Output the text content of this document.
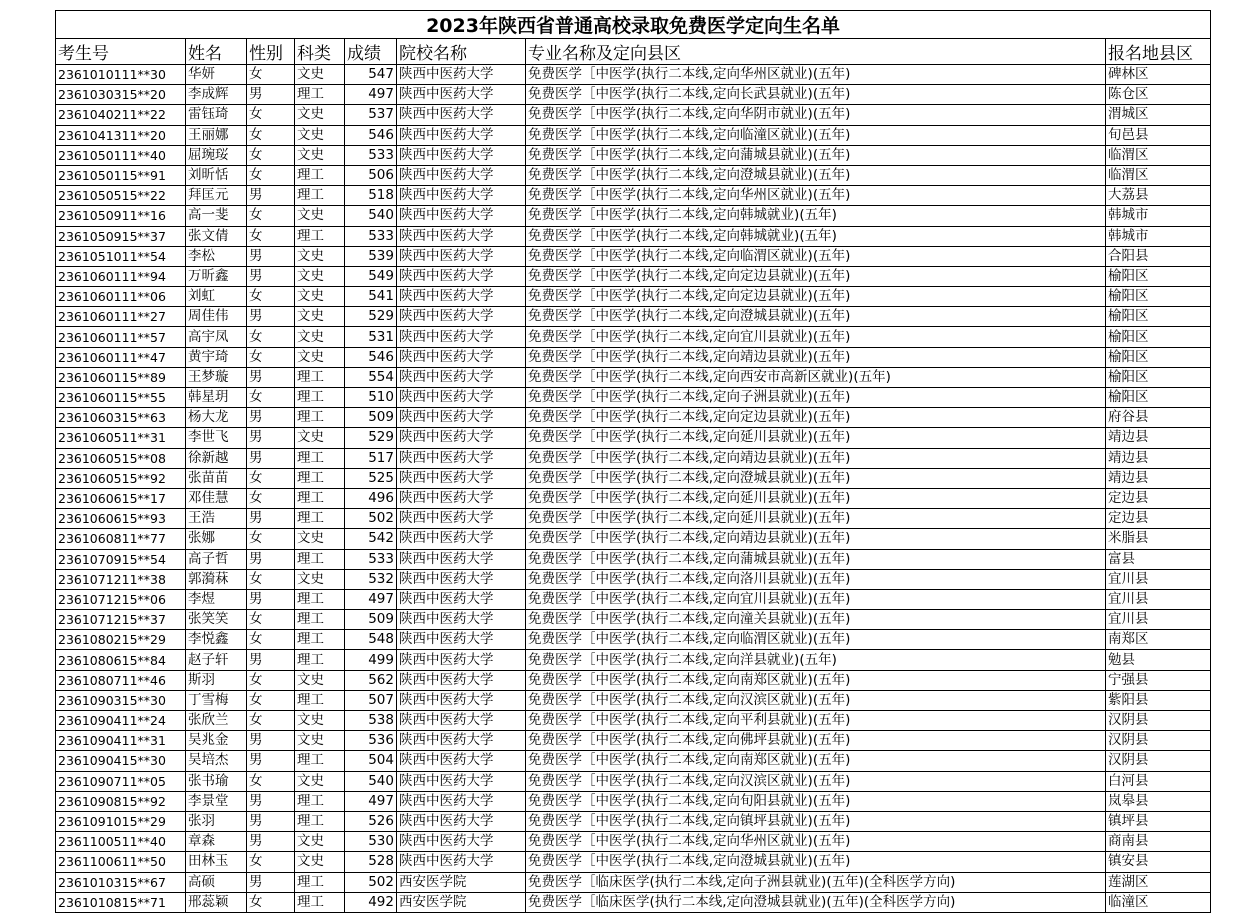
2023年陕西省普通高校录取免费医学定向生名单							
考生号	姓名	性别	科类	成绩	院校名称	专业名称及定向县区	报名地县区
2361010111**30	华妍	女	文史	547	陕西中医药大学	免费医学［中医学(执行二本线,定向华州区就业)(五年)	碑林区
2361030315**20	李成辉	男	理工	497	陕西中医药大学	免费医学［中医学(执行二本线,定向长武县就业)(五年)	陈仓区
2361040211**22	雷钰琦	女	文史	537	陕西中医药大学	免费医学［中医学(执行二本线,定向华阴市就业)(五年)	渭城区
2361041311**20	王丽娜	女	文史	546	陕西中医药大学	免费医学［中医学(执行二本线,定向临潼区就业)(五年)	旬邑县
2361050111**40	屈琬珱	女	文史	533	陕西中医药大学	免费医学［中医学(执行二本线,定向蒲城县就业)(五年)	临渭区
2361050115**91	刘昕恬	女	理工	506	陕西中医药大学	免费医学［中医学(执行二本线,定向澄城县就业)(五年)	临渭区
2361050515**22	拜匡元	男	理工	518	陕西中医药大学	免费医学［中医学(执行二本线,定向华州区就业)(五年)	大荔县
2361050911**16	高一斐	女	文史	540	陕西中医药大学	免费医学［中医学(执行二本线,定向韩城就业)(五年)	韩城市
2361050915**37	张文倩	女	理工	533	陕西中医药大学	免费医学［中医学(执行二本线,定向韩城就业)(五年)	韩城市
2361051011**54	李松	男	文史	539	陕西中医药大学	免费医学［中医学(执行二本线,定向临渭区就业)(五年)	合阳县
2361060111**94	万昕鑫	男	文史	549	陕西中医药大学	免费医学［中医学(执行二本线,定向定边县就业)(五年)	榆阳区
2361060111**06	刘虹	女	文史	541	陕西中医药大学	免费医学［中医学(执行二本线,定向定边县就业)(五年)	榆阳区
2361060111**27	周佳伟	男	文史	529	陕西中医药大学	免费医学［中医学(执行二本线,定向澄城县就业)(五年)	榆阳区
2361060111**57	高宇凤	女	文史	531	陕西中医药大学	免费医学［中医学(执行二本线,定向宜川县就业)(五年)	榆阳区
2361060111**47	黄宇琦	女	文史	546	陕西中医药大学	免费医学［中医学(执行二本线,定向靖边县就业)(五年)	榆阳区
2361060115**89	王梦璇	男	理工	554	陕西中医药大学	免费医学［中医学(执行二本线,定向西安市高新区就业)(五年)	榆阳区
2361060115**55	韩星玥	女	理工	510	陕西中医药大学	免费医学［中医学(执行二本线,定向子洲县就业)(五年)	榆阳区
2361060315**63	杨大龙	男	理工	509	陕西中医药大学	免费医学［中医学(执行二本线,定向定边县就业)(五年)	府谷县
2361060511**31	李世飞	男	文史	529	陕西中医药大学	免费医学［中医学(执行二本线,定向延川县就业)(五年)	靖边县
2361060515**08	徐新越	男	理工	517	陕西中医药大学	免费医学［中医学(执行二本线,定向靖边县就业)(五年)	靖边县
2361060515**92	张苗苗	女	理工	525	陕西中医药大学	免费医学［中医学(执行二本线,定向澄城县就业)(五年)	靖边县
2361060615**17	邓佳慧	女	理工	496	陕西中医药大学	免费医学［中医学(执行二本线,定向延川县就业)(五年)	定边县
2361060615**93	王浩	男	理工	502	陕西中医药大学	免费医学［中医学(执行二本线,定向延川县就业)(五年)	定边县
2361060811**77	张娜	女	文史	542	陕西中医药大学	免费医学［中医学(执行二本线,定向靖边县就业)(五年)	米脂县
2361070915**54	高子哲	男	理工	533	陕西中医药大学	免费医学［中医学(执行二本线,定向蒲城县就业)(五年)	富县
2361071211**38	郭漪菻	女	文史	532	陕西中医药大学	免费医学［中医学(执行二本线,定向洛川县就业)(五年)	宜川县
2361071215**06	李煜	男	理工	497	陕西中医药大学	免费医学［中医学(执行二本线,定向宜川县就业)(五年)	宜川县
2361071215**37	张笑笑	女	理工	509	陕西中医药大学	免费医学［中医学(执行二本线,定向潼关县就业)(五年)	宜川县
2361080215**29	李悦鑫	女	理工	548	陕西中医药大学	免费医学［中医学(执行二本线,定向临渭区就业)(五年)	南郑区
2361080615**84	赵子轩	男	理工	499	陕西中医药大学	免费医学［中医学(执行二本线,定向洋县就业)(五年)	勉县
2361080711**46	斯羽	女	文史	562	陕西中医药大学	免费医学［中医学(执行二本线,定向南郑区就业)(五年)	宁强县
2361090315**30	丁雪梅	女	理工	507	陕西中医药大学	免费医学［中医学(执行二本线,定向汉滨区就业)(五年)	紫阳县
2361090411**24	张欣兰	女	文史	538	陕西中医药大学	免费医学［中医学(执行二本线,定向平利县就业)(五年)	汉阴县
2361090411**31	吴兆金	男	文史	536	陕西中医药大学	免费医学［中医学(执行二本线,定向佛坪县就业)(五年)	汉阴县
2361090415**30	吴培杰	男	理工	504	陕西中医药大学	免费医学［中医学(执行二本线,定向南郑区就业)(五年)	汉阴县
2361090711**05	张书瑜	女	文史	540	陕西中医药大学	免费医学［中医学(执行二本线,定向汉滨区就业)(五年)	白河县
2361090815**92	李景堂	男	理工	497	陕西中医药大学	免费医学［中医学(执行二本线,定向旬阳县就业)(五年)	岚皋县
2361091015**29	张羽	男	理工	526	陕西中医药大学	免费医学［中医学(执行二本线,定向镇坪县就业)(五年)	镇坪县
2361100511**40	章森	男	文史	530	陕西中医药大学	免费医学［中医学(执行二本线,定向华州区就业)(五年)	商南县
2361100611**50	田林玉	女	文史	528	陕西中医药大学	免费医学［中医学(执行二本线,定向澄城县就业)(五年)	镇安县
2361010315**67	高硕	男	理工	502	西安医学院	免费医学［临床医学(执行二本线,定向子洲县就业)(五年)(全科医学方向)	莲湖区
2361010815**71	邢蕊颖	女	理工	492	西安医学院	免费医学［临床医学(执行二本线,定向澄城县就业)(五年)(全科医学方向)	临潼区
